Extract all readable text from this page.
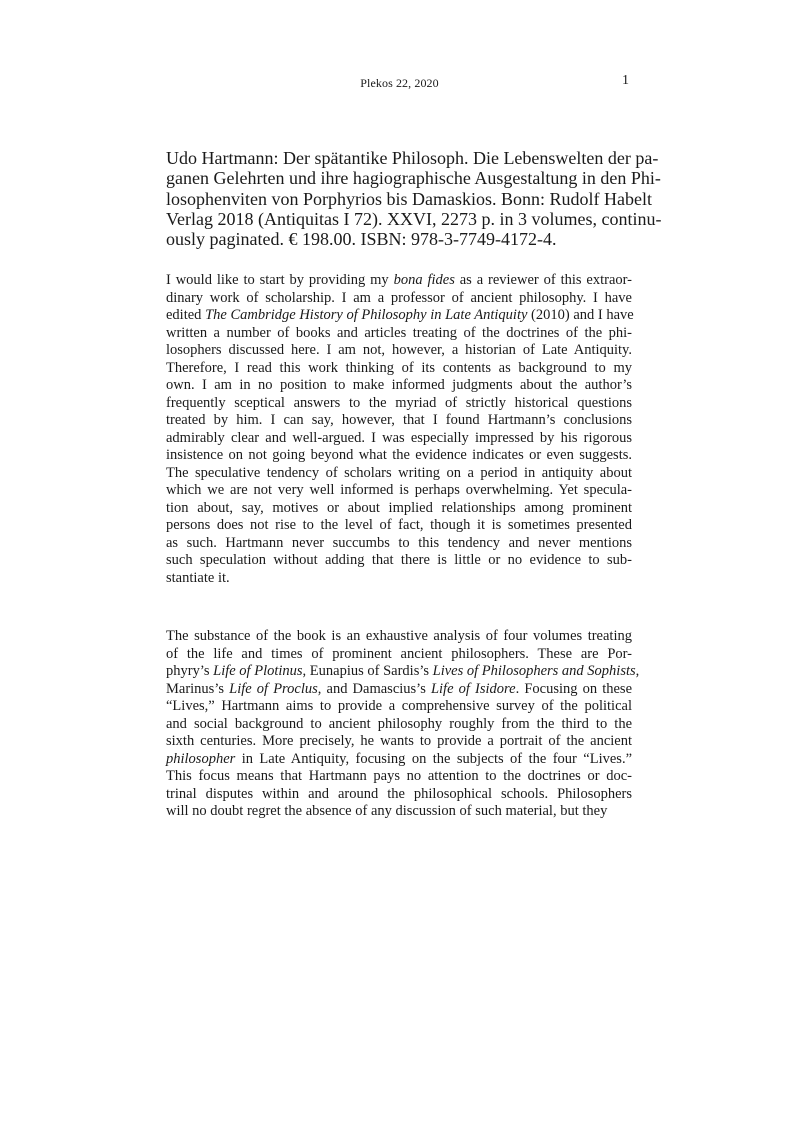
Plekos 22, 2020	1
Udo Hartmann: Der spätantike Philosoph. Die Lebenswelten der pa-
ganen Gelehrten und ihre hagiographische Ausgestaltung in den Phi-
losophenviten von Porphyrios bis Damaskios. Bonn: Rudolf Habelt
Verlag 2018 (Antiquitas I 72). XXVI, 2273 p. in 3 volumes, continu-
ously paginated. € 198.00. ISBN: 978-3-7749-4172-4.
I would like to start by providing my bona fides as a reviewer of this extraor-
dinary work of scholarship. I am a professor of ancient philosophy. I have
edited The Cambridge History of Philosophy in Late Antiquity (2010) and I have
written a number of books and articles treating of the doctrines of the phi-
losophers discussed here. I am not, however, a historian of Late Antiquity.
Therefore, I read this work thinking of its contents as background to my
own. I am in no position to make informed judgments about the author’s
frequently sceptical answers to the myriad of strictly historical questions
treated by him. I can say, however, that I found Hartmann’s conclusions
admirably clear and well-argued. I was especially impressed by his rigorous
insistence on not going beyond what the evidence indicates or even suggests.
The speculative tendency of scholars writing on a period in antiquity about
which we are not very well informed is perhaps overwhelming. Yet specula-
tion about, say, motives or about implied relationships among prominent
persons does not rise to the level of fact, though it is sometimes presented
as such. Hartmann never succumbs to this tendency and never mentions
such speculation without adding that there is little or no evidence to sub-
stantiate it.
The substance of the book is an exhaustive analysis of four volumes treating
of the life and times of prominent ancient philosophers. These are Por-
phyry’s Life of Plotinus, Eunapius of Sardis’s Lives of Philosophers and Sophists,
Marinus’s Life of Proclus, and Damascius’s Life of Isidore. Focusing on these
“Lives,” Hartmann aims to provide a comprehensive survey of the political
and social background to ancient philosophy roughly from the third to the
sixth centuries. More precisely, he wants to provide a portrait of the ancient
philosopher in Late Antiquity, focusing on the subjects of the four “Lives.”
This focus means that Hartmann pays no attention to the doctrines or doc-
trinal disputes within and around the philosophical schools. Philosophers
will no doubt regret the absence of any discussion of such material, but they
